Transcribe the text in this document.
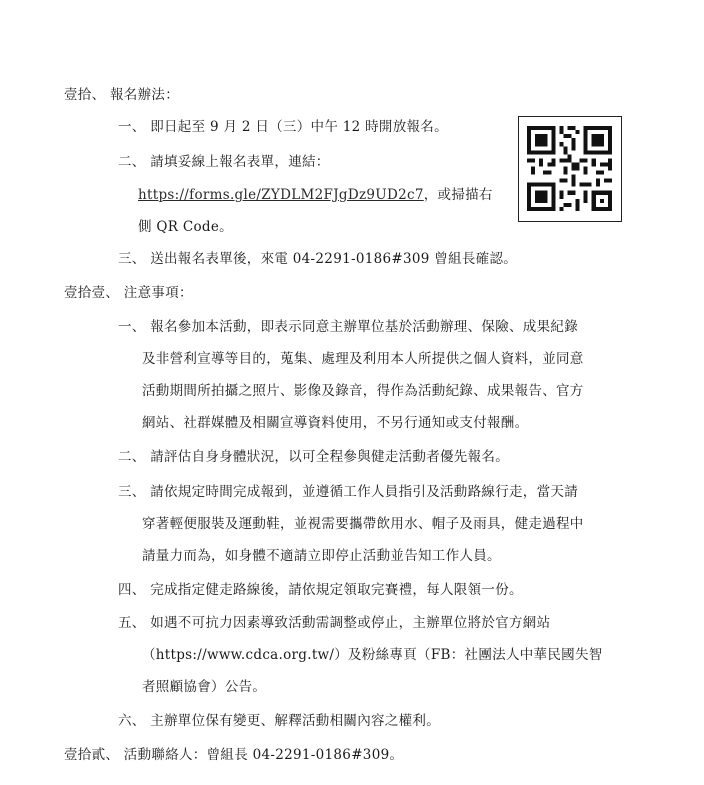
壹拾、 報名辦法：
一、 即日起至 9 月 2 日（三）中午 12 時開放報名。
二、 請填妥線上報名表單，連結：
https://forms.gle/ZYDLM2FJgDz9UD2c7，或掃描右
側 QR Code。
三、 送出報名表單後，來電 04-2291-0186#309 曾組長確認。
壹拾壹、 注意事項：
一、 報名參加本活動，即表示同意主辦單位基於活動辦理、保險、成果紀錄
及非營利宣導等目的，蒐集、處理及利用本人所提供之個人資料，並同意
活動期間所拍攝之照片、影像及錄音，得作為活動紀錄、成果報告、官方
網站、社群媒體及相關宣導資料使用，不另行通知或支付報酬。
二、 請評估自身身體狀況，以可全程參與健走活動者優先報名。
三、 請依規定時間完成報到，並遵循工作人員指引及活動路線行走，當天請
穿著輕便服裝及運動鞋，並視需要攜帶飲用水、帽子及雨具，健走過程中
請量力而為，如身體不適請立即停止活動並告知工作人員。
四、 完成指定健走路線後，請依規定領取完賽禮，每人限領一份。
五、 如遇不可抗力因素導致活動需調整或停止，主辦單位將於官方網站
（https://www.cdca.org.tw/）及粉絲專頁（FB：社團法人中華民國失智
者照顧協會）公告。
六、 主辦單位保有變更、解釋活動相關內容之權利。
壹拾貳、 活動聯絡人：曾組長 04-2291-0186#309。
